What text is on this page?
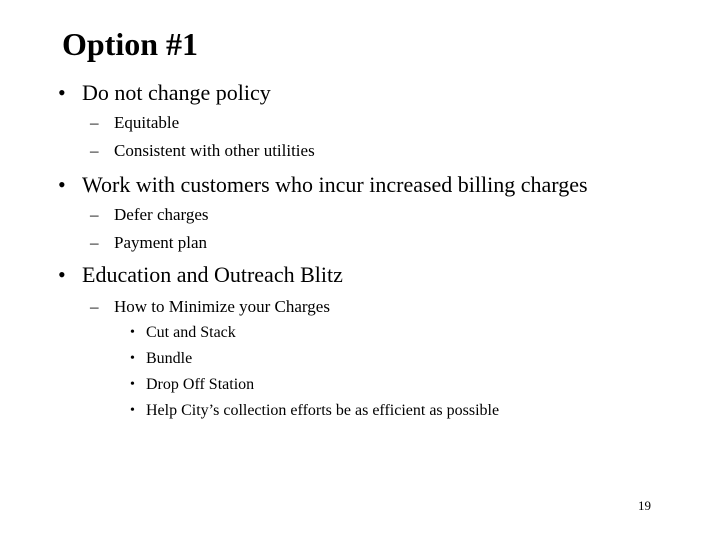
Option #1
• Do not change policy
– Equitable
– Consistent with other utilities
• Work with customers who incur increased billing charges
– Defer charges
– Payment plan
• Education and Outreach Blitz
– How to Minimize your Charges
• Cut and Stack
• Bundle
• Drop Off Station
• Help City’s collection efforts be as efficient as possible
19
